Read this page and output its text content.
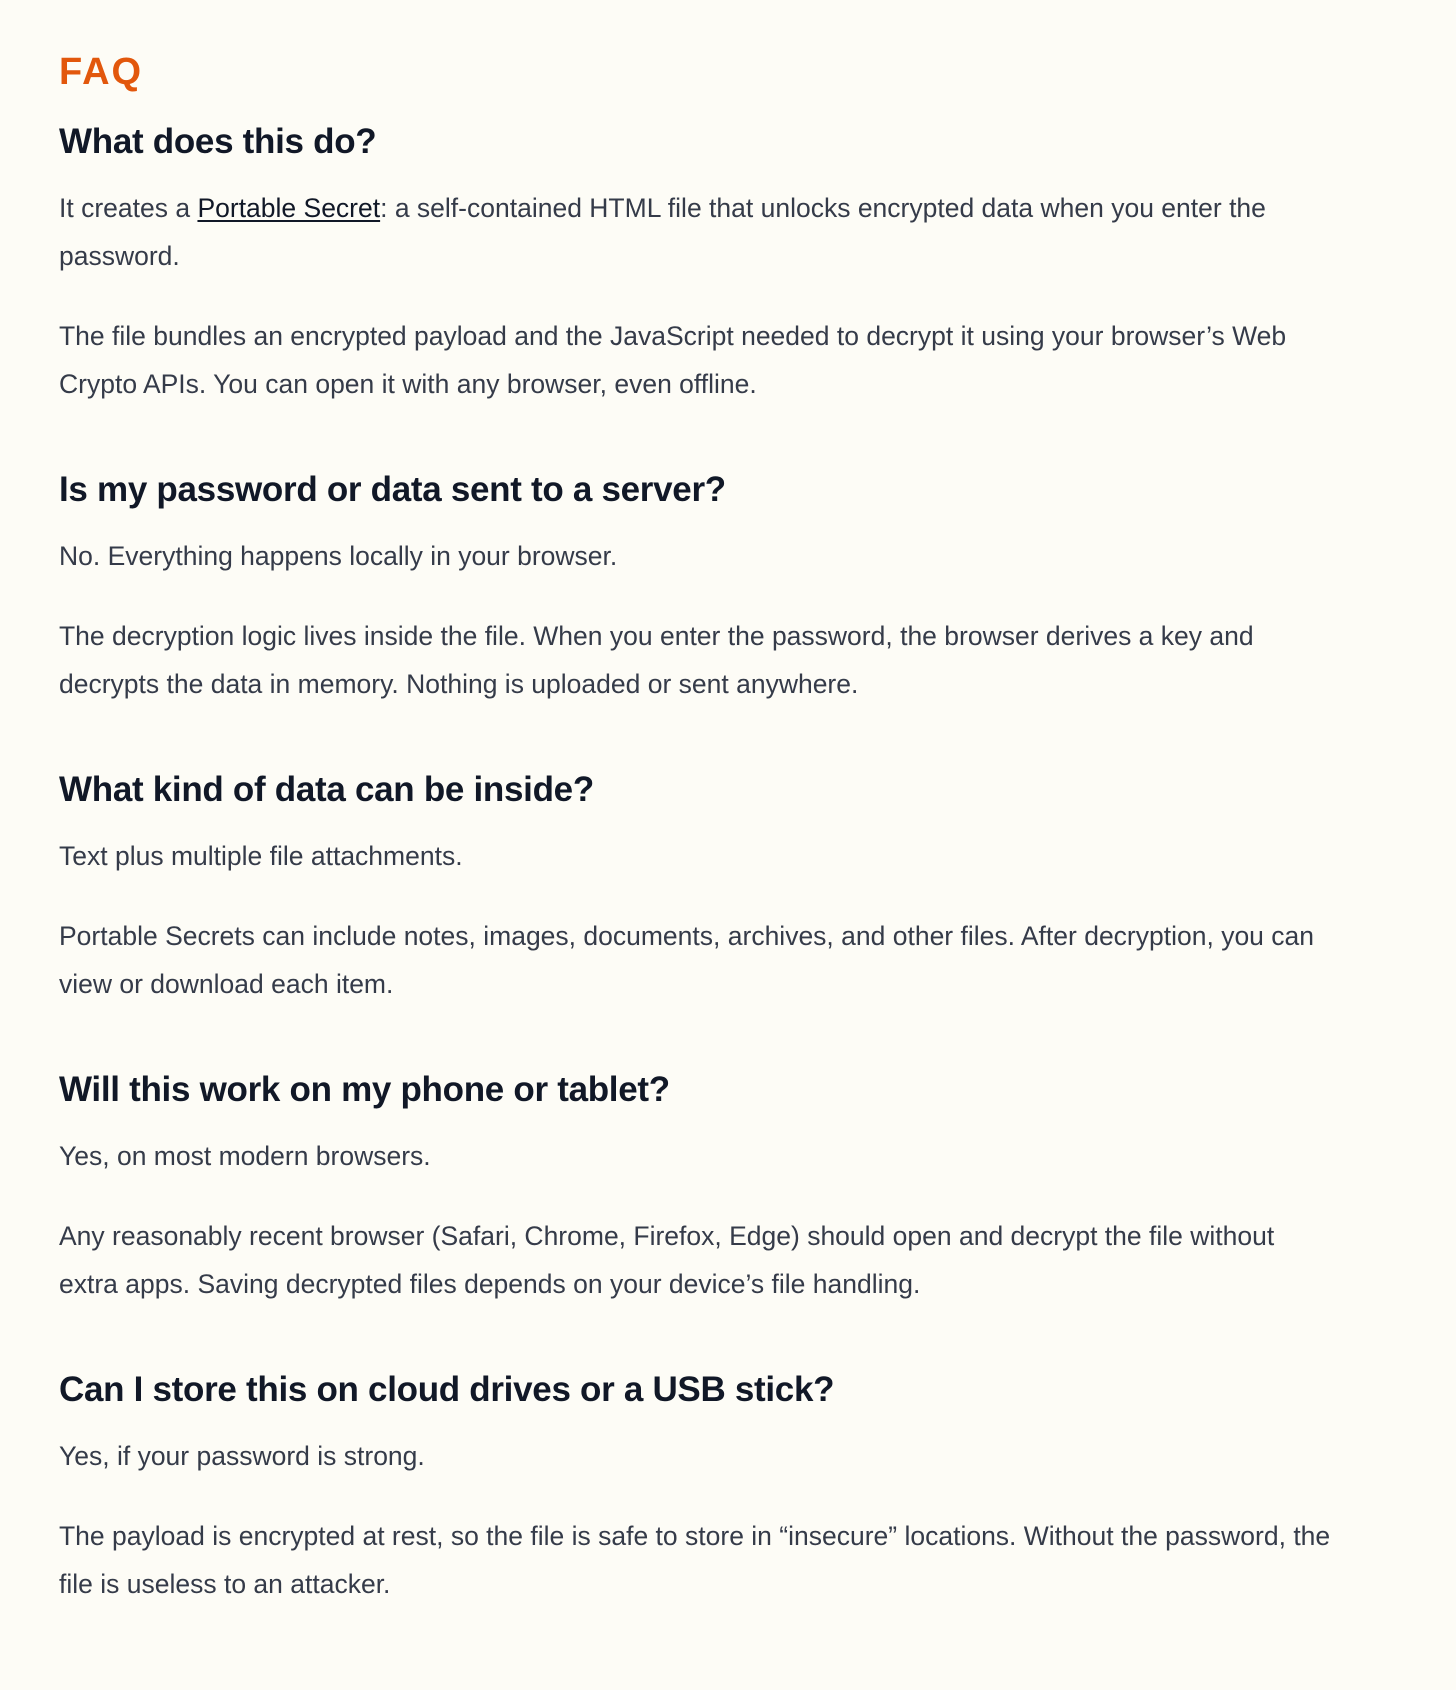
FAQ
What does this do?

It creates a Portable Secret: a self-contained HTML file that unlocks encrypted data when you enter the password.

The file bundles an encrypted payload and the JavaScript needed to decrypt it using your browser’s Web Crypto APIs. You can open it with any browser, even offline.

Is my password or data sent to a server?

No. Everything happens locally in your browser.

The decryption logic lives inside the file. When you enter the password, the browser derives a key and decrypts the data in memory. Nothing is uploaded or sent anywhere.

What kind of data can be inside?

Text plus multiple file attachments.

Portable Secrets can include notes, images, documents, archives, and other files. After decryption, you can view or download each item.

Will this work on my phone or tablet?

Yes, on most modern browsers.

Any reasonably recent browser (Safari, Chrome, Firefox, Edge) should open and decrypt the file without extra apps. Saving decrypted files depends on your device’s file handling.

Can I store this on cloud drives or a USB stick?

Yes, if your password is strong.

The payload is encrypted at rest, so the file is safe to store in “insecure” locations. Without the password, the file is useless to an attacker.
